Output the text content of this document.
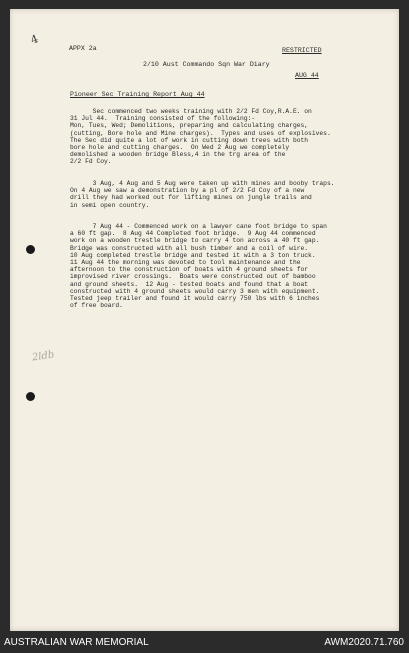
4
APPX 2a	RESTRICTED
2/10 Aust Commando Sqn War Diary
AUG 44
Pioneer Sec Training Report Aug 44
Sec commenced two weeks training with 2/2 Fd Coy,R.A.E. on
31 Jul 44.  Training consisted of the following:-
Mon, Tues, Wed; Demolitions, preparing and calculating charges,
(cutting, Bore hole and Mine charges).  Types and uses of explosives.
The Sec did quite a lot of work in cutting down trees with both
bore hole and cutting charges.  On Wed 2 Aug we completely
demolished a wooden bridge Bless,4 in the trg area of the
2/2 Fd Coy.
3 Aug, 4 Aug and 5 Aug were taken up with mines and booby traps.
On 4 Aug we saw a demonstration by a pl of 2/2 Fd Coy of a new
drill they had worked out for lifting mines on jungle trails and
in semi open country.
7 Aug 44 - Commenced work on a lawyer cane foot bridge to span
a 60 ft gap.  8 Aug 44 Completed foot bridge.  9 Aug 44 commenced
work on a wooden trestle bridge to carry 4 ton across a 40 ft gap.
Bridge was constructed with all bush timber and a coil of wire.
10 Aug completed trestle bridge and tested it with a 3 ton truck.
11 Aug 44 the morning was devoted to tool maintenance and the
afternoon to the construction of boats with 4 ground sheets for
improvised river crossings.  Boats were constructed out of bamboo
and ground sheets.  12 Aug - tested boats and found that a boat
constructed with 4 ground sheets would carry 3 men with equipment.
Tested jeep trailer and found it would carry 750 lbs with 6 inches
of free board.
2ldb
AUSTRALIAN WAR MEMORIAL	AWM2020.71.760
